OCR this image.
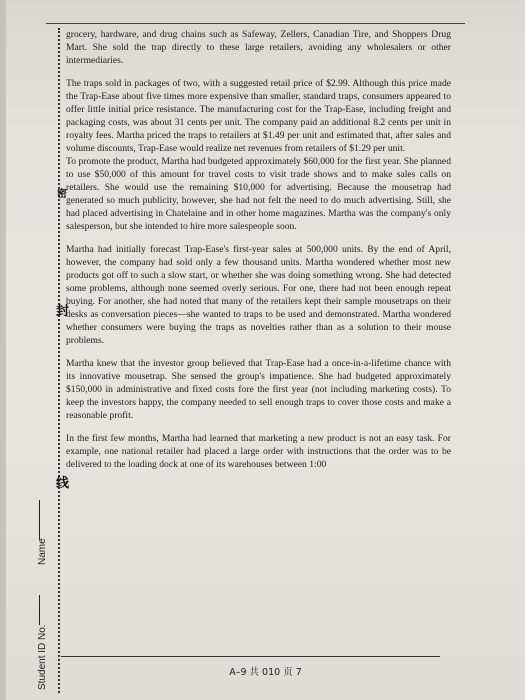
Name
Student ID No.
密
封
线

grocery, hardware, and drug chains such as Safeway, Zellers, Canadian Tire, and Shoppers Drug Mart. She sold the trap directly to these large retailers, avoiding any wholesalers or other intermediaries.

The traps sold in packages of two, with a suggested retail price of $2.99. Although this price made the Trap-Ease about five times more expensive than smaller, standard traps, consumers appeared to offer little initial price resistance. The manufacturing cost for the Trap-Ease, including freight and packaging costs, was about 31 cents per unit. The company paid an additional 8.2 cents per unit in royalty fees. Martha priced the traps to retailers at $1.49 per unit and estimated that, after sales and volume discounts, Trap-Ease would realize net revenues from retailers of $1.29 per unit.

To promote the product, Martha had budgeted approximately $60,000 for the first year. She planned to use $50,000 of this amount for travel costs to visit trade shows and to make sales calls on retailers. She would use the remaining $10,000 for advertising. Because the mousetrap had generated so much publicity, however, she had not felt the need to do much advertising. Still, she had placed advertising in Chatelaine and in other home magazines. Martha was the company's only salesperson, but she intended to hire more salespeople soon.

Martha had initially forecast Trap-Ease's first-year sales at 500,000 units. By the end of April, however, the company had sold only a few thousand units. Martha wondered whether most new products got off to such a slow start, or whether she was doing something wrong. She had detected some problems, although none seemed overly serious. For one, there had not been enough repeat buying. For another, she had noted that many of the retailers kept their sample mousetraps on their desks as conversation pieces—she wanted to traps to be used and demonstrated. Martha wondered whether consumers were buying the traps as novelties rather than as a solution to their mouse problems.

Martha knew that the investor group believed that Trap-Ease had a once-in-a-lifetime chance with its innovative mousetrap. She sensed the group's impatience. She had budgeted approximately $150,000 in administrative and fixed costs fore the first year (not including marketing costs). To keep the investors happy, the company needed to sell enough traps to cover those costs and make a reasonable profit.

In the first few months, Martha had learned that marketing a new product is not an easy task. For example, one national retailer had placed a large order with instructions that the order was to be delivered to the loading dock at one of its warehouses between 1:00

A–9 共 010 页 7
